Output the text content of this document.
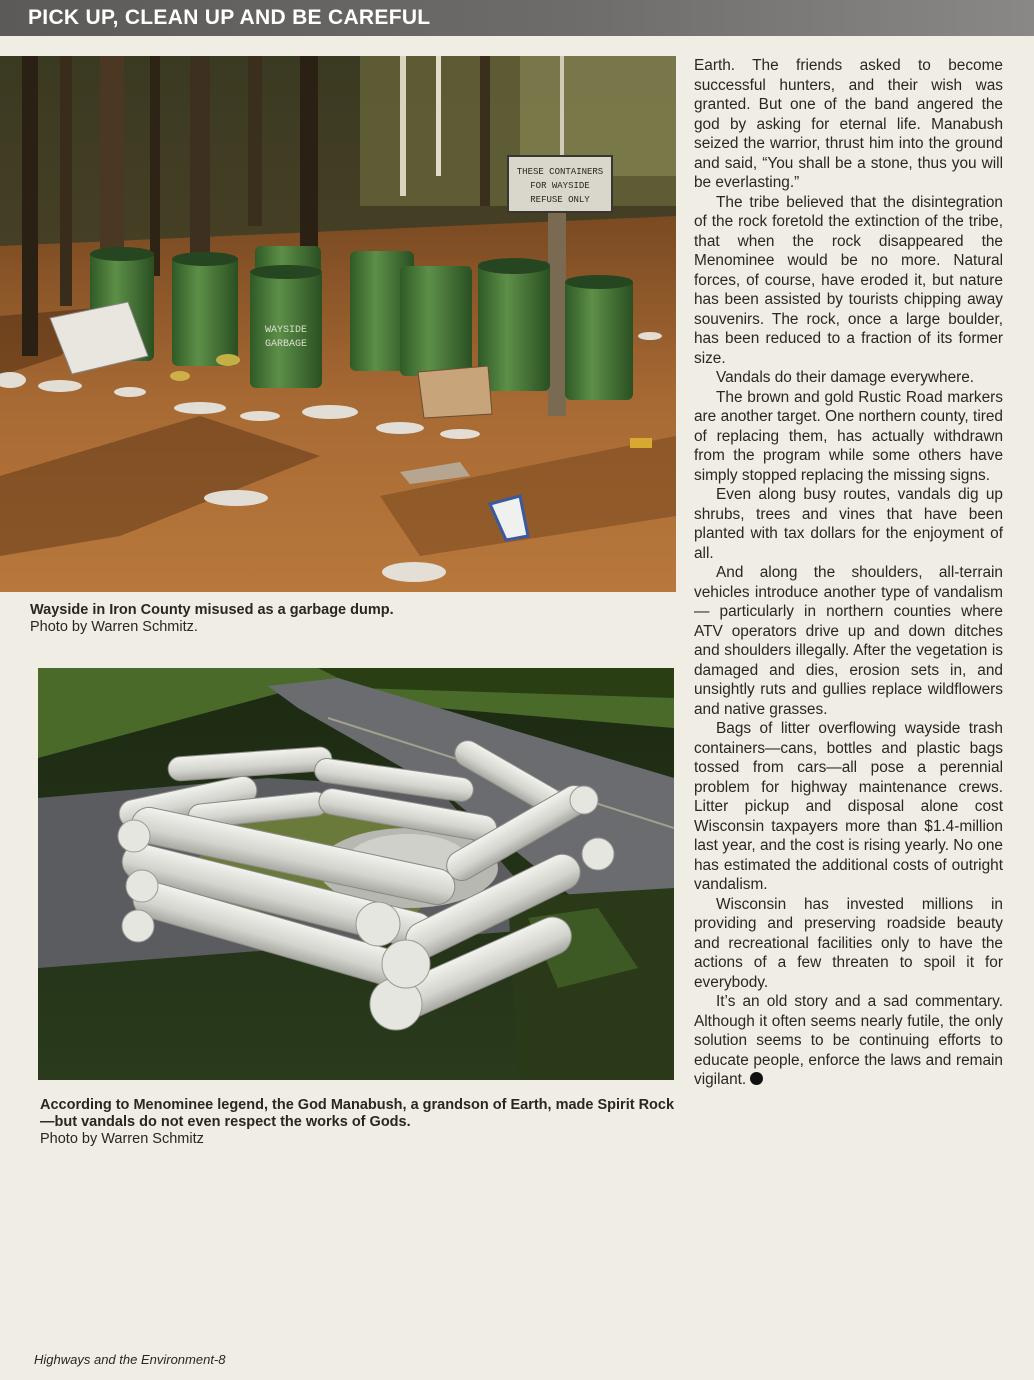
PICK UP, CLEAN UP AND BE CAREFUL
THESE CONTAINERS
FOR WAYSIDE
REFUSE ONLY
WAYSIDE
GARBAGE
Wayside in Iron County misused as a garbage dump.
Photo by Warren Schmitz.
According to Menominee legend, the God Manabush, a grandson of Earth, made Spirit Rock—but vandals do not even respect the works of Gods.
Photo by Warren Schmitz

Earth. The friends asked to become successful hunters, and their wish was granted. But one of the band angered the god by asking for eternal life. Manabush seized the warrior, thrust him into the ground and said, “You shall be a stone, thus you will be everlasting.”

The tribe believed that the disintegration of the rock foretold the extinction of the tribe, that when the rock disappeared the Menominee would be no more. Natural forces, of course, have eroded it, but nature has been assisted by tourists chipping away souvenirs. The rock, once a large boulder, has been reduced to a fraction of its former size.

Vandals do their damage everywhere.

The brown and gold Rustic Road markers are another target. One northern county, tired of replacing them, has actually withdrawn from the program while some others have simply stopped replacing the missing signs.

Even along busy routes, vandals dig up shrubs, trees and vines that have been planted with tax dollars for the enjoyment of all.

And along the shoulders, all-terrain vehicles introduce another type of vandalism — particularly in northern counties where ATV operators drive up and down ditches and shoulders illegally. After the vegetation is damaged and dies, erosion sets in, and unsightly ruts and gullies replace wildflowers and native grasses.

Bags of litter overflowing wayside trash containers—cans, bottles and plastic bags tossed from cars—all pose a perennial problem for highway maintenance crews. Litter pickup and disposal alone cost Wisconsin taxpayers more than $1.4-million last year, and the cost is rising yearly. No one has estimated the additional costs of outright vandalism.

Wisconsin has invested millions in providing and preserving roadside beauty and recreational facilities only to have the actions of a few threaten to spoil it for everybody.

It’s an old story and a sad commentary. Although it often seems nearly futile, the only solution seems to be continuing efforts to educate people, enforce the laws and remain vigilant.

Highways and the Environment-8
